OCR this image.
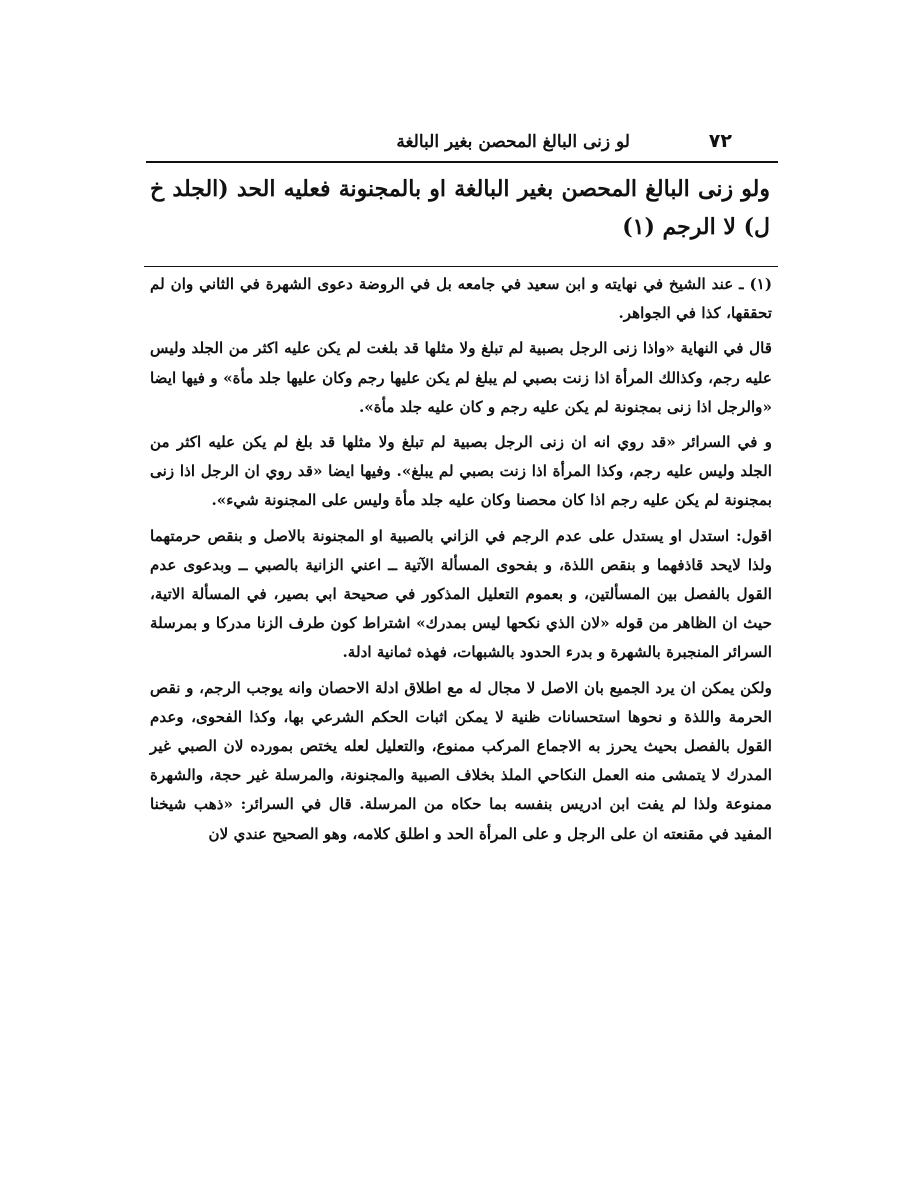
٧٢
لو زنى البالغ المحصن بغير البالغة
ولو زنى البالغ المحصن بغير البالغة او بالمجنونة فعليه الحد (الجلد خ ل) لا الرجم (١)

(١) ـ عند الشيخ في نهايته و ابن سعيد في جامعه بل في الروضة دعوى الشهرة في الثاني وان لم تحققها، كذا في الجواهر.

قال في النهاية «واذا زنى الرجل بصبية لم تبلغ ولا مثلها قد بلغت لم يكن عليه اكثر من الجلد وليس عليه رجم، وكذالك المرأة اذا زنت بصبي لم يبلغ لم يكن عليها رجم وكان عليها جلد مأة» و فيها ايضا «والرجل اذا زنى بمجنونة لم يكن عليه رجم و كان عليه جلد مأة».

و في السرائر «قد روي انه ان زنى الرجل بصبية لم تبلغ ولا مثلها قد بلغ لم يكن عليه اكثر من الجلد وليس عليه رجم، وكذا المرأة اذا زنت بصبي لم يبلغ». وفيها ايضا «قد روي ان الرجل اذا زنى بمجنونة لم يكن عليه رجم اذا كان محصنا وكان عليه جلد مأة وليس على المجنونة شيء».

اقول: استدل او يستدل على عدم الرجم في الزاني بالصبية او المجنونة بالاصل و بنقص حرمتهما ولذا لايحد قاذفهما و بنقص اللذة، و بفحوى المسألة الآتية ــ اعني الزانية بالصبي ــ وبدعوى عدم القول بالفصل بين المسألتين، و بعموم التعليل المذكور في صحيحة ابي بصير، في المسألة الاتية، حيث ان الظاهر من قوله «لان الذي نكحها ليس بمدرك» اشتراط كون طرف الزنا مدركا و بمرسلة السرائر المنجبرة بالشهرة و بدرء الحدود بالشبهات، فهذه ثمانية ادلة.

ولكن يمكن ان يرد الجميع بان الاصل لا مجال له مع اطلاق ادلة الاحصان وانه يوجب الرجم، و نقص الحرمة واللذة و نحوها استحسانات ظنية لا يمكن اثبات الحكم الشرعي بها، وكذا الفحوى، وعدم القول بالفصل بحيث يحرز به الاجماع المركب ممنوع، والتعليل لعله يختص بمورده لان الصبي غير المدرك لا يتمشى منه العمل النكاحي الملذ بخلاف الصبية والمجنونة، والمرسلة غير حجة، والشهرة ممنوعة ولذا لم يفت ابن ادريس بنفسه بما حكاه من المرسلة. قال في السرائر: «ذهب شيخنا المفيد في مقنعته ان على الرجل و على المرأة الحد و اطلق كلامه، وهو الصحيح عندي لان
